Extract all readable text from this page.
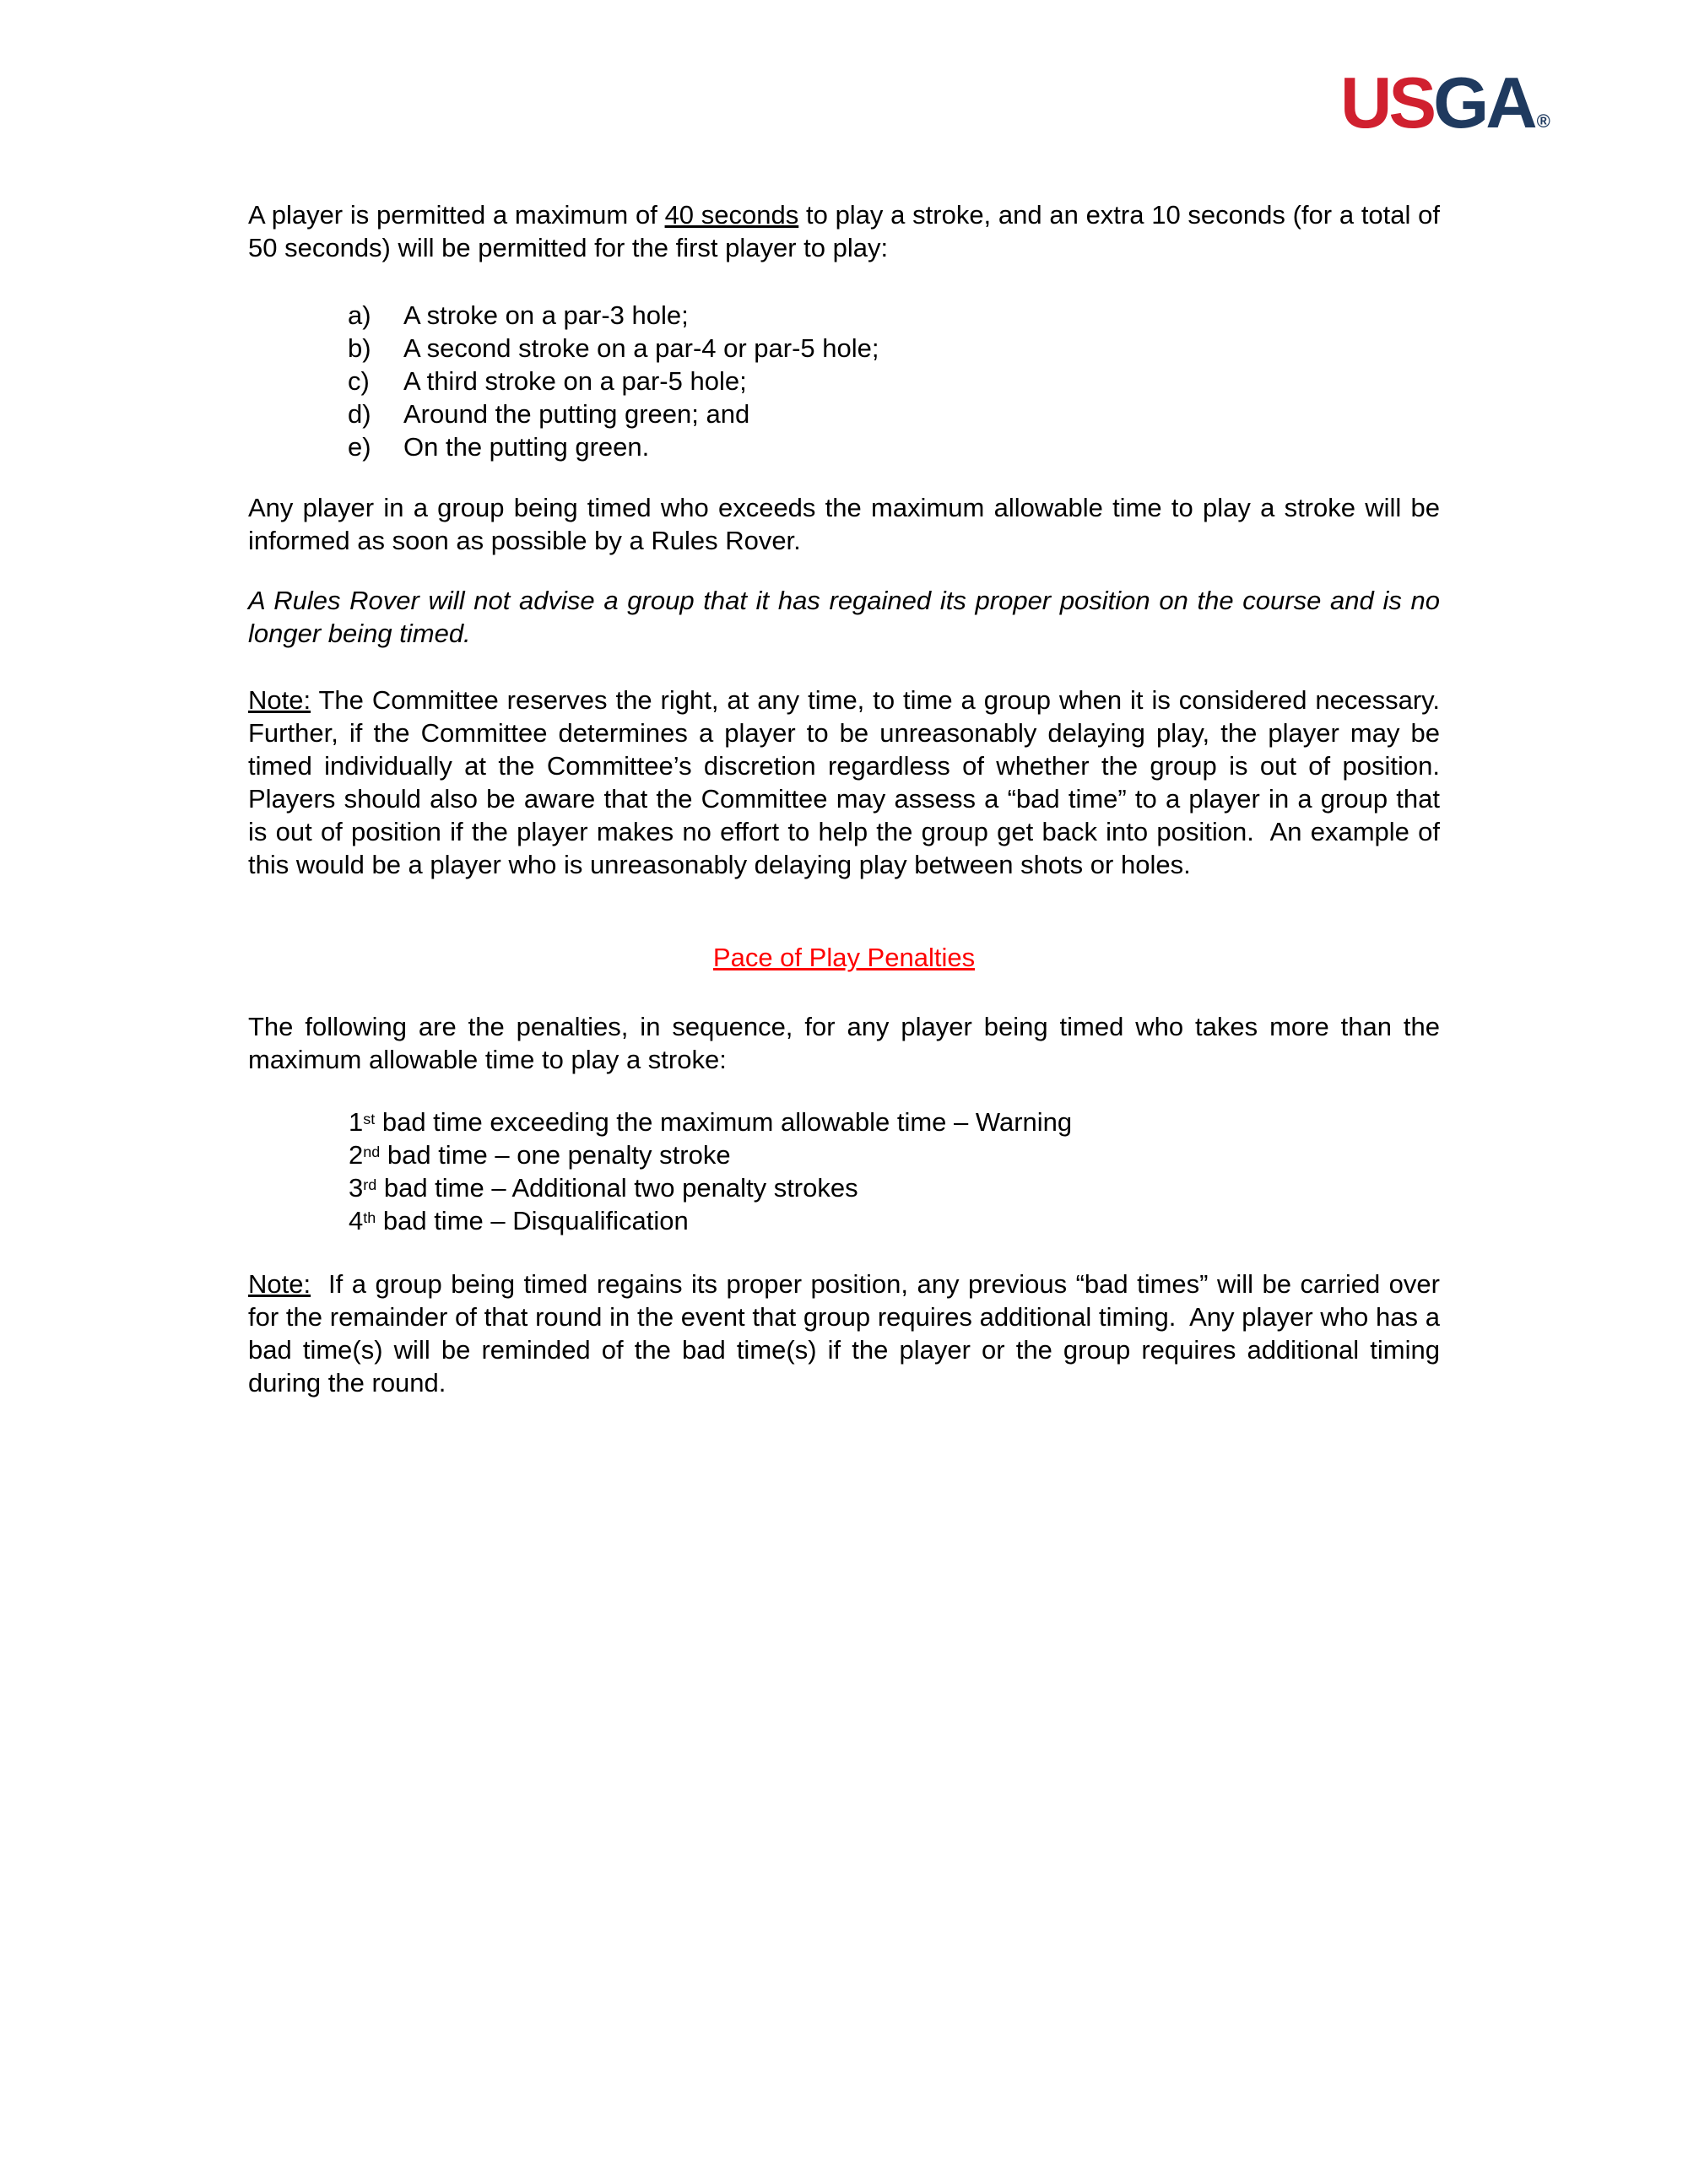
USGA ®

A player is permitted a maximum of 40 seconds to play a stroke, and an extra 10 seconds (for a total of 50 seconds) will be permitted for the first player to play:

a) A stroke on a par-3 hole;
b) A second stroke on a par-4 or par-5 hole;
c) A third stroke on a par-5 hole;
d) Around the putting green; and
e) On the putting green.

Any player in a group being timed who exceeds the maximum allowable time to play a stroke will be informed as soon as possible by a Rules Rover.

A Rules Rover will not advise a group that it has regained its proper position on the course and is no longer being timed.

Note: The Committee reserves the right, at any time, to time a group when it is considered necessary. Further, if the Committee determines a player to be unreasonably delaying play, the player may be timed individually at the Committee’s discretion regardless of whether the group is out of position.  Players should also be aware that the Committee may assess a “bad time” to a player in a group that is out of position if the player makes no effort to help the group get back into position.  An example of this would be a player who is unreasonably delaying play between shots or holes.

Pace of Play Penalties

The following are the penalties, in sequence, for any player being timed who takes more than the maximum allowable time to play a stroke:

1st bad time exceeding the maximum allowable time – Warning
2nd bad time – one penalty stroke
3rd bad time – Additional two penalty strokes
4th bad time – Disqualification

Note:  If a group being timed regains its proper position, any previous “bad times” will be carried over for the remainder of that round in the event that group requires additional timing.  Any player who has a bad time(s) will be reminded of the bad time(s) if the player or the group requires additional timing during the round.
